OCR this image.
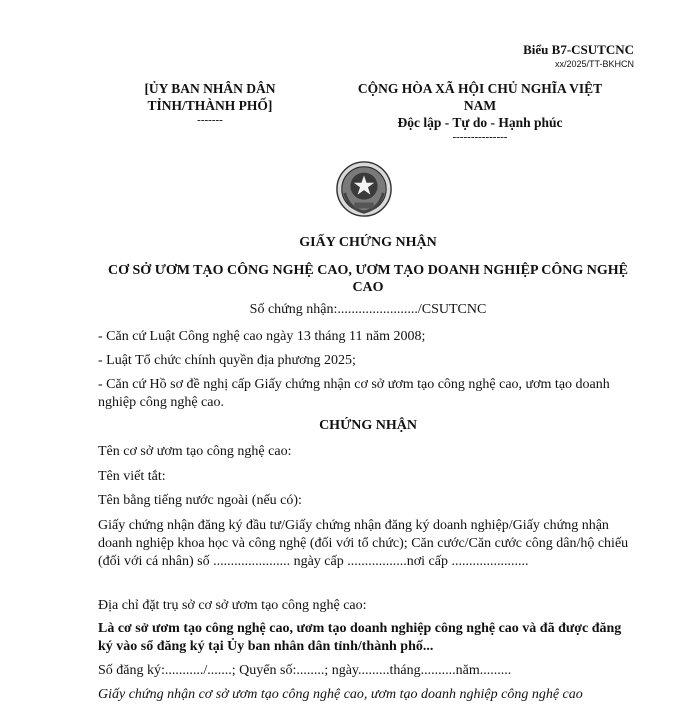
Biểu B7-CSUTCNC
xx/2025/TT-BKHCN
[ỦY BAN NHÂN DÂN
TỈNH/THÀNH PHỐ]
-------
CỘNG HÒA XÃ HỘI CHỦ NGHĨA VIỆT
NAM
Độc lập - Tự do - Hạnh phúc
---------------
GIẤY CHỨNG NHẬN
CƠ SỞ ƯƠM TẠO CÔNG NGHỆ CAO, ƯƠM TẠO DOANH NGHIỆP CÔNG NGHỆ CAO
Số chứng nhận:......................./CSUTCNC
- Căn cứ Luật Công nghệ cao ngày 13 tháng 11 năm 2008;
- Luật Tổ chức chính quyền địa phương 2025;
- Căn cứ Hồ sơ đề nghị cấp Giấy chứng nhận cơ sở ươm tạo công nghệ cao, ươm tạo doanh nghiệp công nghệ cao.
CHỨNG NHẬN
Tên cơ sở ươm tạo công nghệ cao:
Tên viết tắt:
Tên bằng tiếng nước ngoài (nếu có):
Giấy chứng nhận đăng ký đầu tư/Giấy chứng nhận đăng ký doanh nghiệp/Giấy chứng nhận doanh nghiệp khoa học và công nghệ (đối với tổ chức); Căn cước/Căn cước công dân/hộ chiếu (đối với cá nhân) số ...................... ngày cấp .................nơi cấp ......................
Địa chỉ đặt trụ sở cơ sở ươm tạo công nghệ cao:
Là cơ sở ươm tạo công nghệ cao, ươm tạo doanh nghiệp công nghệ cao và đã được đăng ký vào sổ đăng ký tại Ủy ban nhân dân tỉnh/thành phố...
Số đăng ký:.........../.......; Quyển số:........; ngày.........tháng..........năm.........
Giấy chứng nhận cơ sở ươm tạo công nghệ cao, ươm tạo doanh nghiệp công nghệ cao
